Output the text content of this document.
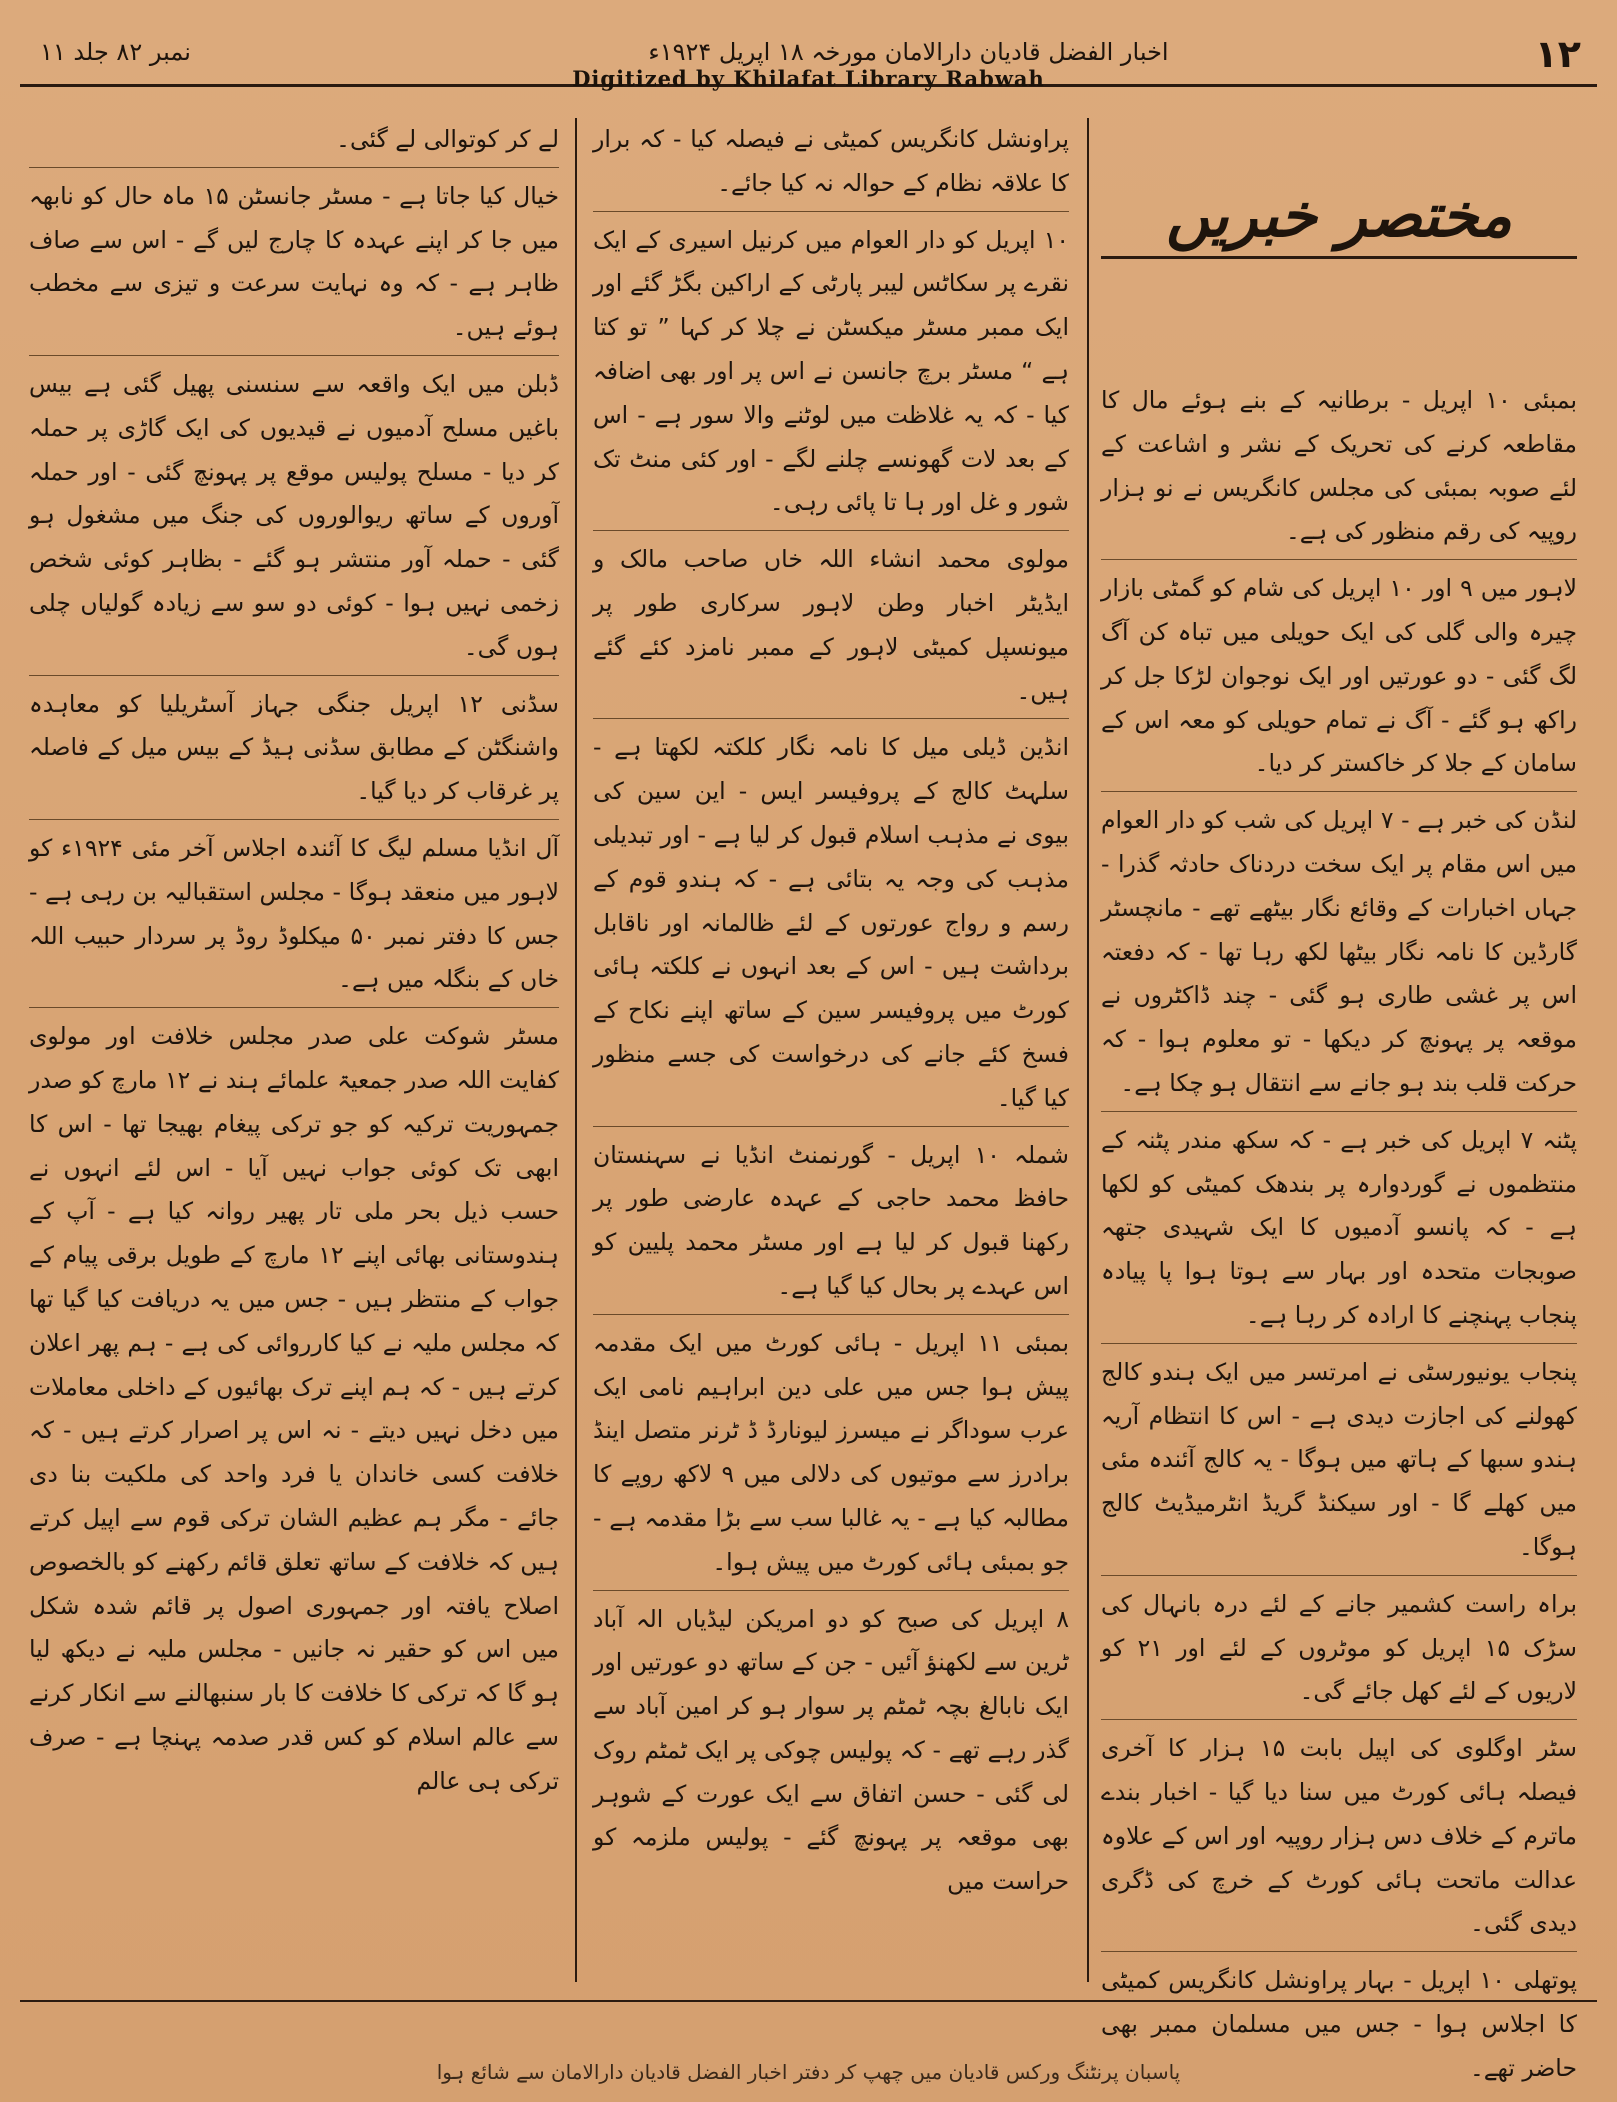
۱۲
اخبار الفضل قادیان دارالامان مورخہ ۱۸ اپریل ۱۹۲۴ء
نمبر ۸۲ جلد ۱۱
Digitized by Khilafat Library Rabwah
مختصر خبریں

بمبئی ۱۰ اپریل - برطانیہ کے بنے ہوئے مال کا مقاطعہ کرنے کی تحریک کے نشر و اشاعت کے لئے صوبہ بمبئی کی مجلس کانگریس نے نو ہزار روپیہ کی رقم منظور کی ہے۔

لاہور میں ۹ اور ۱۰ اپریل کی شام کو گمٹی بازار چیرہ والی گلی کی ایک حویلی میں تباہ کن آگ لگ گئی - دو عورتیں اور ایک نوجوان لڑکا جل کر راکھ ہو گئے - آگ نے تمام حویلی کو معہ اس کے سامان کے جلا کر خاکستر کر دیا۔

لنڈن کی خبر ہے - ۷ اپریل کی شب کو دار العوام میں اس مقام پر ایک سخت دردناک حادثہ گذرا - جہاں اخبارات کے وقائع نگار بیٹھے تھے - مانچسٹر گارڈین کا نامہ نگار بیٹھا لکھ رہا تھا - کہ دفعتہ اس پر غشی طاری ہو گئی - چند ڈاکٹروں نے موقعہ پر پہونچ کر دیکھا - تو معلوم ہوا - کہ حرکت قلب بند ہو جانے سے انتقال ہو چکا ہے۔

پٹنہ ۷ اپریل کی خبر ہے - کہ سکھ مندر پٹنہ کے منتظموں نے گوردوارہ پر بندھک کمیٹی کو لکھا ہے - کہ پانسو آدمیوں کا ایک شہیدی جتھہ صوبجات متحدہ اور بہار سے ہوتا ہوا پا پیادہ پنجاب پہنچنے کا ارادہ کر رہا ہے۔

پنجاب یونیورسٹی نے امرتسر میں ایک ہندو کالج کھولنے کی اجازت دیدی ہے - اس کا انتظام آریہ ہندو سبھا کے ہاتھ میں ہوگا - یہ کالج آئندہ مئی میں کھلے گا - اور سیکنڈ گریڈ انٹرمیڈیٹ کالج ہوگا۔

براہ راست کشمیر جانے کے لئے درہ بانہال کی سڑک ۱۵ اپریل کو موٹروں کے لئے اور ۲۱ کو لاریوں کے لئے کھل جائے گی۔

سٹر اوگلوی کی اپیل بابت ۱۵ ہزار کا آخری فیصلہ ہائی کورٹ میں سنا دیا گیا - اخبار بندے ماترم کے خلاف دس ہزار روپیہ اور اس کے علاوہ عدالت ماتحت ہائی کورٹ کے خرچ کی ڈگری دیدی گئی۔

پوتھلی ۱۰ اپریل - بہار پراونشل کانگریس کمیٹی کا اجلاس ہوا - جس میں مسلمان ممبر بھی حاضر تھے۔

پراونشل کانگریس کمیٹی نے فیصلہ کیا - کہ برار کا علاقہ نظام کے حوالہ نہ کیا جائے۔

۱۰ اپریل کو دار العوام میں کرنیل اسیری کے ایک نقرے پر سکاٹس لیبر پارٹی کے اراکین بگڑ گئے اور ایک ممبر مسٹر میکسٹن نے چلا کر کہا ” تو کتا ہے “ مسٹر برچ جانسن نے اس پر اور بھی اضافہ کیا - کہ یہ غلاظت میں لوٹنے والا سور ہے - اس کے بعد لات گھونسے چلنے لگے - اور کئی منٹ تک شور و غل اور ہا تا پائی رہی۔

مولوی محمد انشاء اللہ خاں صاحب مالک و ایڈیٹر اخبار وطن لاہور سرکاری طور پر میونسپل کمیٹی لاہور کے ممبر نامزد کئے گئے ہیں۔

انڈین ڈیلی میل کا نامہ نگار کلکتہ لکھتا ہے - سلہٹ کالج کے پروفیسر ایس - این سین کی بیوی نے مذہب اسلام قبول کر لیا ہے - اور تبدیلی مذہب کی وجہ یہ بتائی ہے - کہ ہندو قوم کے رسم و رواج عورتوں کے لئے ظالمانہ اور ناقابل برداشت ہیں - اس کے بعد انہوں نے کلکتہ ہائی کورٹ میں پروفیسر سین کے ساتھ اپنے نکاح کے فسخ کئے جانے کی درخواست کی جسے منظور کیا گیا۔

شملہ ۱۰ اپریل - گورنمنٹ انڈیا نے سہنستان حافظ محمد حاجی کے عہدہ عارضی طور پر رکھنا قبول کر لیا ہے اور مسٹر محمد پلیین کو اس عہدے پر بحال کیا گیا ہے۔

بمبئی ۱۱ اپریل - ہائی کورٹ میں ایک مقدمہ پیش ہوا جس میں علی دین ابراہیم نامی ایک عرب سوداگر نے میسرز لیونارڈ ڈ ٹرنر متصل اینڈ برادرز سے موتیوں کی دلالی میں ۹ لاکھ روپے کا مطالبہ کیا ہے - یہ غالبا سب سے بڑا مقدمہ ہے - جو بمبئی ہائی کورٹ میں پیش ہوا۔

۸ اپریل کی صبح کو دو امریکن لیڈیاں الہ آباد ٹرین سے لکھنؤ آئیں - جن کے ساتھ دو عورتیں اور ایک نابالغ بچہ ٹمٹم پر سوار ہو کر امین آباد سے گذر رہے تھے - کہ پولیس چوکی پر ایک ٹمٹم روک لی گئی - حسن اتفاق سے ایک عورت کے شوہر بھی موقعہ پر پہونچ گئے - پولیس ملزمہ کو حراست میں

لے کر کوتوالی لے گئی۔

خیال کیا جاتا ہے - مسٹر جانسٹن ۱۵ ماہ حال کو نابھہ میں جا کر اپنے عہدہ کا چارج لیں گے - اس سے صاف ظاہر ہے - کہ وہ نہایت سرعت و تیزی سے مخطب ہوئے ہیں۔

ڈبلن میں ایک واقعہ سے سنسنی پھیل گئی ہے بیس باغیں مسلح آدمیوں نے قیدیوں کی ایک گاڑی پر حملہ کر دیا - مسلح پولیس موقع پر پہونچ گئی - اور حملہ آوروں کے ساتھ ریوالوروں کی جنگ میں مشغول ہو گئی - حملہ آور منتشر ہو گئے - بظاہر کوئی شخص زخمی نہیں ہوا - کوئی دو سو سے زیادہ گولیاں چلی ہوں گی۔

سڈنی ۱۲ اپریل جنگی جہاز آسٹریلیا کو معاہدہ واشنگٹن کے مطابق سڈنی ہیڈ کے بیس میل کے فاصلہ پر غرقاب کر دیا گیا۔

آل انڈیا مسلم لیگ کا آئندہ اجلاس آخر مئی ۱۹۲۴ء کو لاہور میں منعقد ہوگا - مجلس استقبالیہ بن رہی ہے - جس کا دفتر نمبر ۵۰ میکلوڈ روڈ پر سردار حبیب اللہ خاں کے بنگلہ میں ہے۔

مسٹر شوکت علی صدر مجلس خلافت اور مولوی کفایت اللہ صدر جمعیۃ علمائے ہند نے ۱۲ مارچ کو صدر جمہوریت ترکیہ کو جو ترکی پیغام بھیجا تھا - اس کا ابھی تک کوئی جواب نہیں آیا - اس لئے انہوں نے حسب ذیل بحر ملی تار پھیر روانہ کیا ہے - آپ کے ہندوستانی بھائی اپنے ۱۲ مارچ کے طویل برقی پیام کے جواب کے منتظر ہیں - جس میں یہ دریافت کیا گیا تھا کہ مجلس ملیہ نے کیا کارروائی کی ہے - ہم پھر اعلان کرتے ہیں - کہ ہم اپنے ترک بھائیوں کے داخلی معاملات میں دخل نہیں دیتے - نہ اس پر اصرار کرتے ہیں - کہ خلافت کسی خاندان یا فرد واحد کی ملکیت بنا دی جائے - مگر ہم عظیم الشان ترکی قوم سے اپیل کرتے ہیں کہ خلافت کے ساتھ تعلق قائم رکھنے کو بالخصوص اصلاح یافتہ اور جمہوری اصول پر قائم شدہ شکل میں اس کو حقیر نہ جانیں - مجلس ملیہ نے دیکھ لیا ہو گا کہ ترکی کا خلافت کا بار سنبھالنے سے انکار کرنے سے عالم اسلام کو کس قدر صدمہ پہنچا ہے - صرف ترکی ہی عالم

پاسبان پرنٹنگ ورکس قادیان میں چھپ کر دفتر اخبار الفضل قادیان دارالامان سے شائع ہوا
